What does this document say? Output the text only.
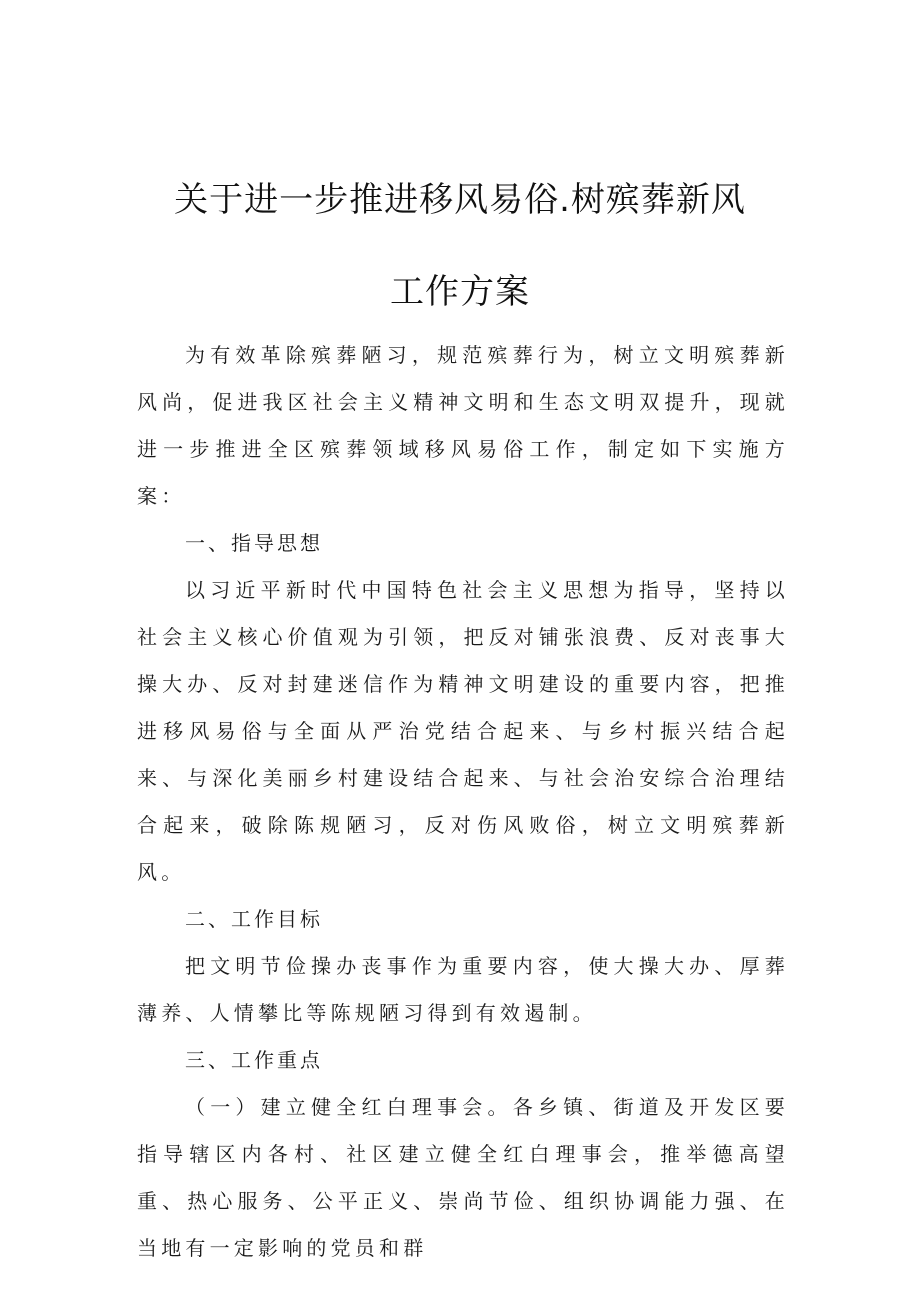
关于进一步推进移风易俗.树殡葬新风
工作方案

为有效革除殡葬陋习，规范殡葬行为，树立文明殡葬新风尚，促进我区社会主义精神文明和生态文明双提升，现就进一步推进全区殡葬领域移风易俗工作，制定如下实施方案：

一、指导思想

以习近平新时代中国特色社会主义思想为指导，坚持以社会主义核心价值观为引领，把反对铺张浪费、反对丧事大操大办、反对封建迷信作为精神文明建设的重要内容，把推进移风易俗与全面从严治党结合起来、与乡村振兴结合起来、与深化美丽乡村建设结合起来、与社会治安综合治理结合起来，破除陈规陋习，反对伤风败俗，树立文明殡葬新风。

二、工作目标

把文明节俭操办丧事作为重要内容，使大操大办、厚葬薄养、人情攀比等陈规陋习得到有效遏制。

三、工作重点

（一）建立健全红白理事会。各乡镇、街道及开发区要指导辖区内各村、社区建立健全红白理事会，推举德高望重、热心服务、公平正义、崇尚节俭、组织协调能力强、在当地有一定影响的党员和群
